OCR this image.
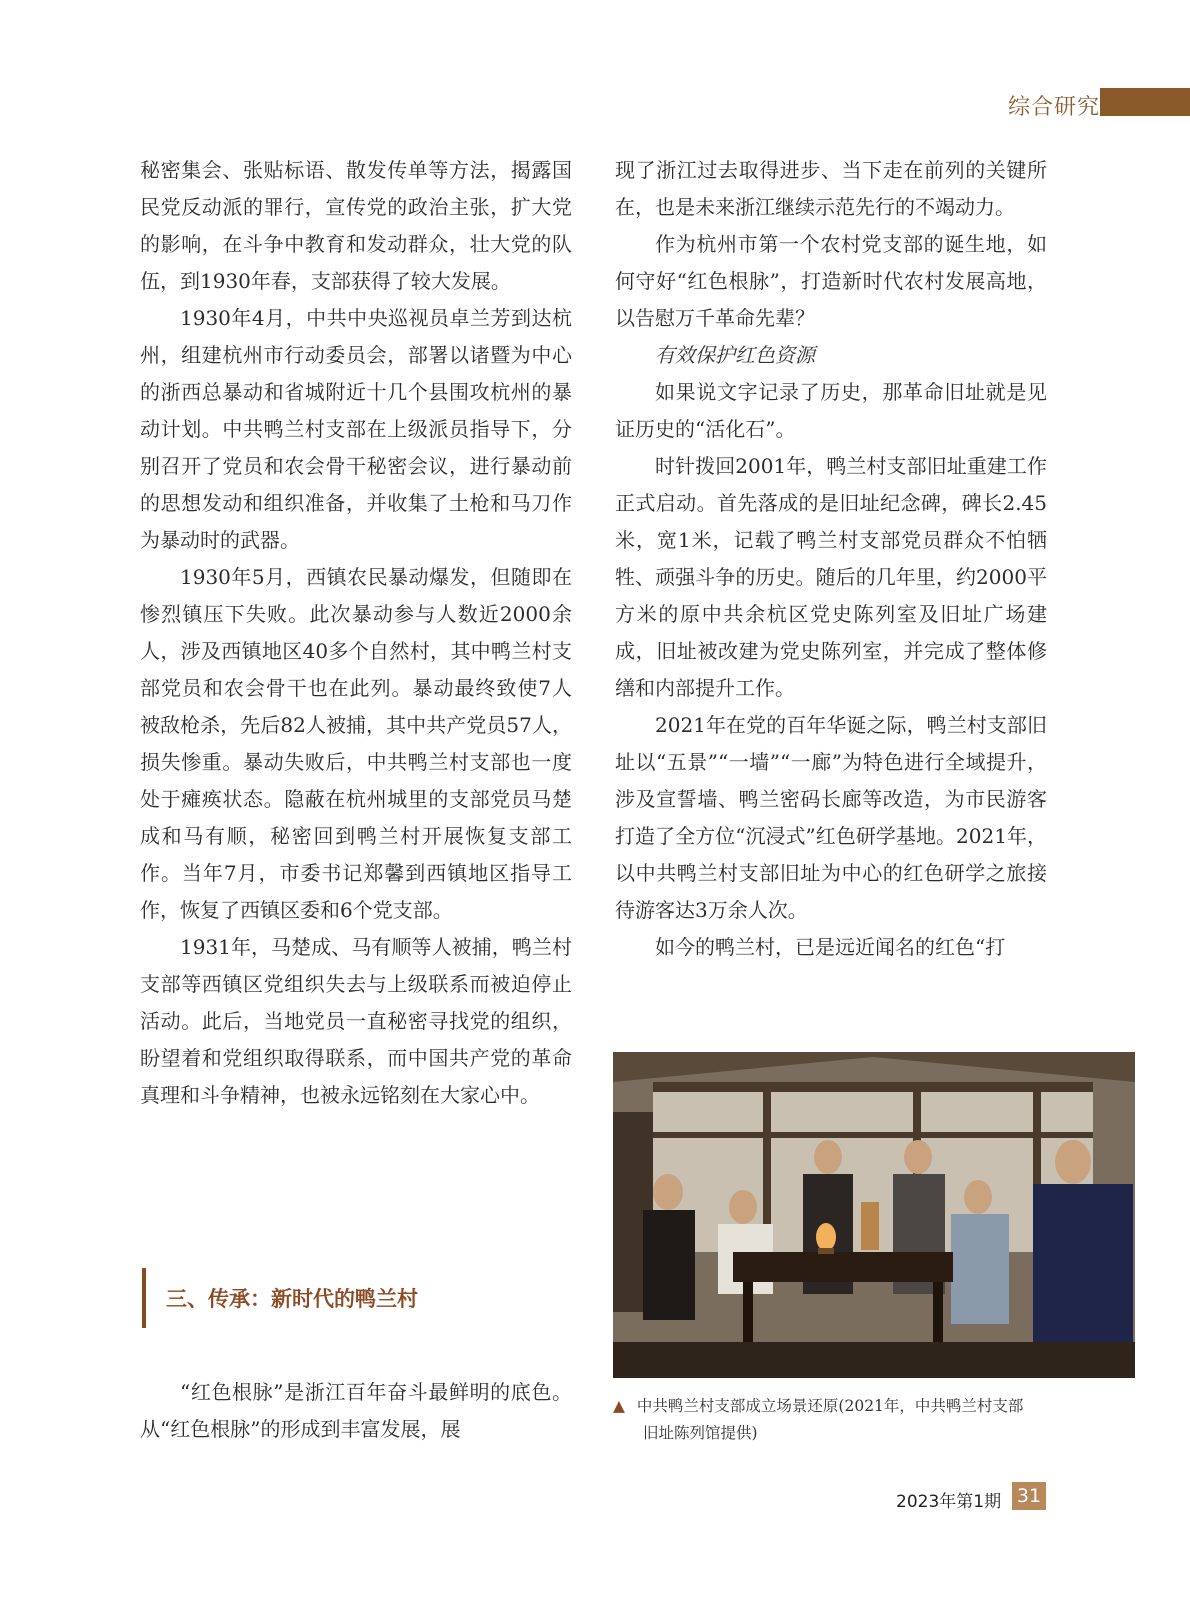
综合研究

秘密集会、张贴标语、散发传单等方法，揭露国民党反动派的罪行，宣传党的政治主张，扩大党的影响，在斗争中教育和发动群众，壮大党的队伍，到1930年春，支部获得了较大发展。

1930年4月，中共中央巡视员卓兰芳到达杭州，组建杭州市行动委员会，部署以诸暨为中心的浙西总暴动和省城附近十几个县围攻杭州的暴动计划。中共鸭兰村支部在上级派员指导下，分别召开了党员和农会骨干秘密会议，进行暴动前的思想发动和组织准备，并收集了土枪和马刀作为暴动时的武器。

1930年5月，西镇农民暴动爆发，但随即在惨烈镇压下失败。此次暴动参与人数近2000余人，涉及西镇地区40多个自然村，其中鸭兰村支部党员和农会骨干也在此列。暴动最终致使7人被敌枪杀，先后82人被捕，其中共产党员57人，损失惨重。暴动失败后，中共鸭兰村支部也一度处于瘫痪状态。隐蔽在杭州城里的支部党员马楚成和马有顺，秘密回到鸭兰村开展恢复支部工作。当年7月，市委书记郑馨到西镇地区指导工作，恢复了西镇区委和6个党支部。

1931年，马楚成、马有顺等人被捕，鸭兰村支部等西镇区党组织失去与上级联系而被迫停止活动。此后，当地党员一直秘密寻找党的组织，盼望着和党组织取得联系，而中国共产党的革命真理和斗争精神，也被永远铭刻在大家心中。

三、传承：新时代的鸭兰村

“红色根脉”是浙江百年奋斗最鲜明的底色。从“红色根脉”的形成到丰富发展，展

现了浙江过去取得进步、当下走在前列的关键所在，也是未来浙江继续示范先行的不竭动力。

作为杭州市第一个农村党支部的诞生地，如何守好“红色根脉”，打造新时代农村发展高地，以告慰万千革命先辈？

有效保护红色资源

如果说文字记录了历史，那革命旧址就是见证历史的“活化石”。

时针拨回2001年，鸭兰村支部旧址重建工作正式启动。首先落成的是旧址纪念碑，碑长2.45米，宽1米，记载了鸭兰村支部党员群众不怕牺牲、顽强斗争的历史。随后的几年里，约2000平方米的原中共余杭区党史陈列室及旧址广场建成，旧址被改建为党史陈列室，并完成了整体修缮和内部提升工作。

2021年在党的百年华诞之际，鸭兰村支部旧址以“五景”“一墙”“一廊”为特色进行全域提升，涉及宣誓墙、鸭兰密码长廊等改造，为市民游客打造了全方位“沉浸式”红色研学基地。2021年，以中共鸭兰村支部旧址为中心的红色研学之旅接待游客达3万余人次。

如今的鸭兰村，已是远近闻名的红色“打

▲ 中共鸭兰村支部成立场景还原(2021年，中共鸭兰村支部
旧址陈列馆提供)
2023年第1期 31
